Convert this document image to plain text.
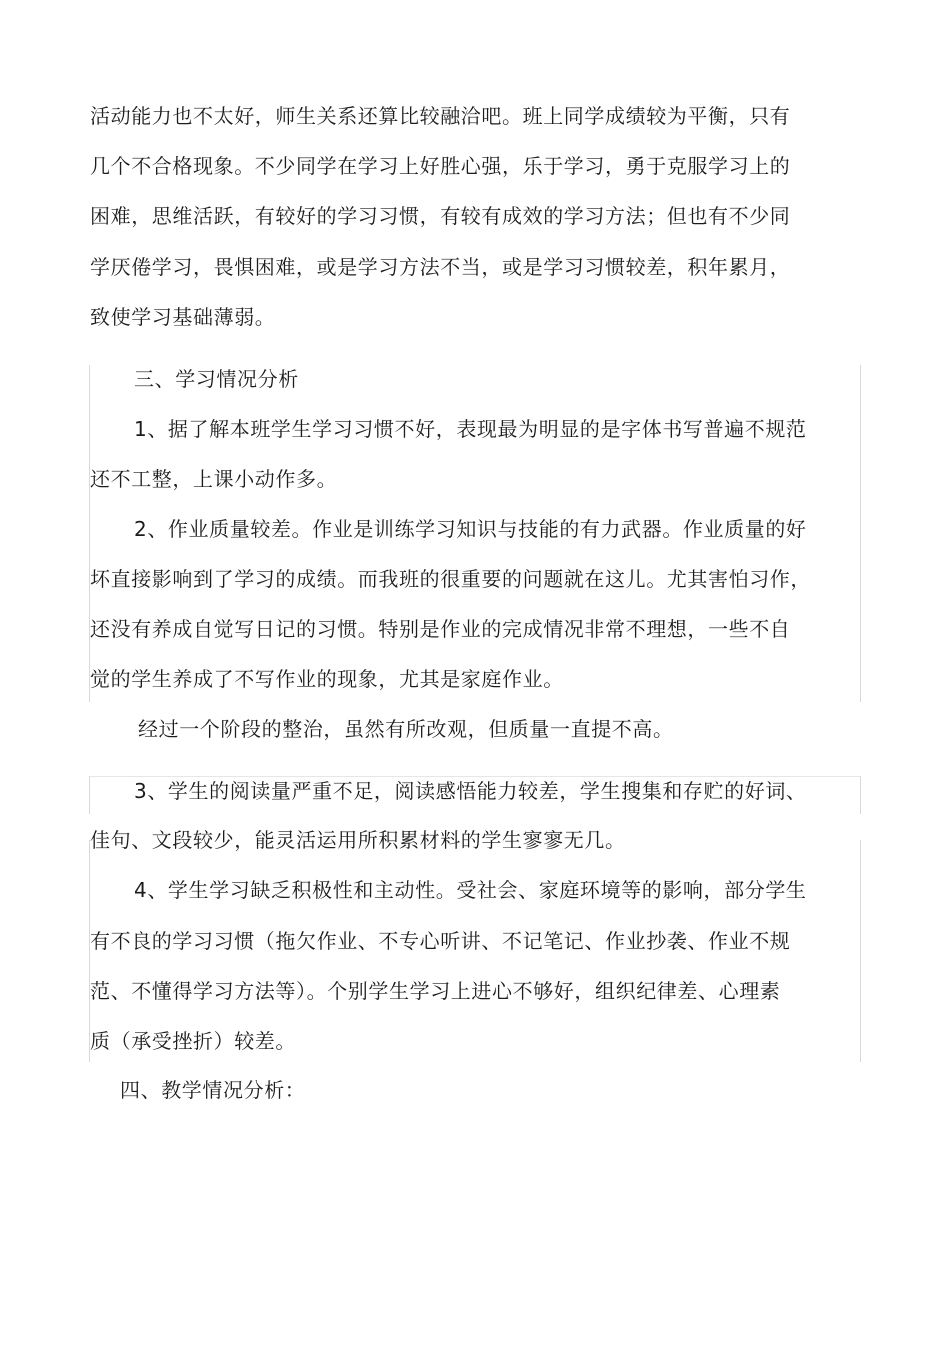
活动能力也不太好，师生关系还算比较融洽吧。班上同学成绩较为平衡，只有

几个不合格现象。不少同学在学习上好胜心强，乐于学习，勇于克服学习上的

困难，思维活跃，有较好的学习习惯，有较有成效的学习方法；但也有不少同

学厌倦学习，畏惧困难，或是学习方法不当，或是学习习惯较差，积年累月，

致使学习基础薄弱。

三、学习情况分析

1、据了解本班学生学习习惯不好，表现最为明显的是字体书写普遍不规范

还不工整，上课小动作多。

2、作业质量较差。作业是训练学习知识与技能的有力武器。作业质量的好

坏直接影响到了学习的成绩。而我班的很重要的问题就在这儿。尤其害怕习作，

还没有养成自觉写日记的习惯。特别是作业的完成情况非常不理想，一些不自

觉的学生养成了不写作业的现象，尤其是家庭作业。

经过一个阶段的整治，虽然有所改观，但质量一直提不高。

3、学生的阅读量严重不足，阅读感悟能力较差，学生搜集和存贮的好词、

佳句、文段较少，能灵活运用所积累材料的学生寥寥无几。

4、学生学习缺乏积极性和主动性。受社会、家庭环境等的影响，部分学生

有不良的学习习惯（拖欠作业、不专心听讲、不记笔记、作业抄袭、作业不规

范、不懂得学习方法等）。个别学生学习上进心不够好，组织纪律差、心理素

质（承受挫折）较差。

四、教学情况分析：
